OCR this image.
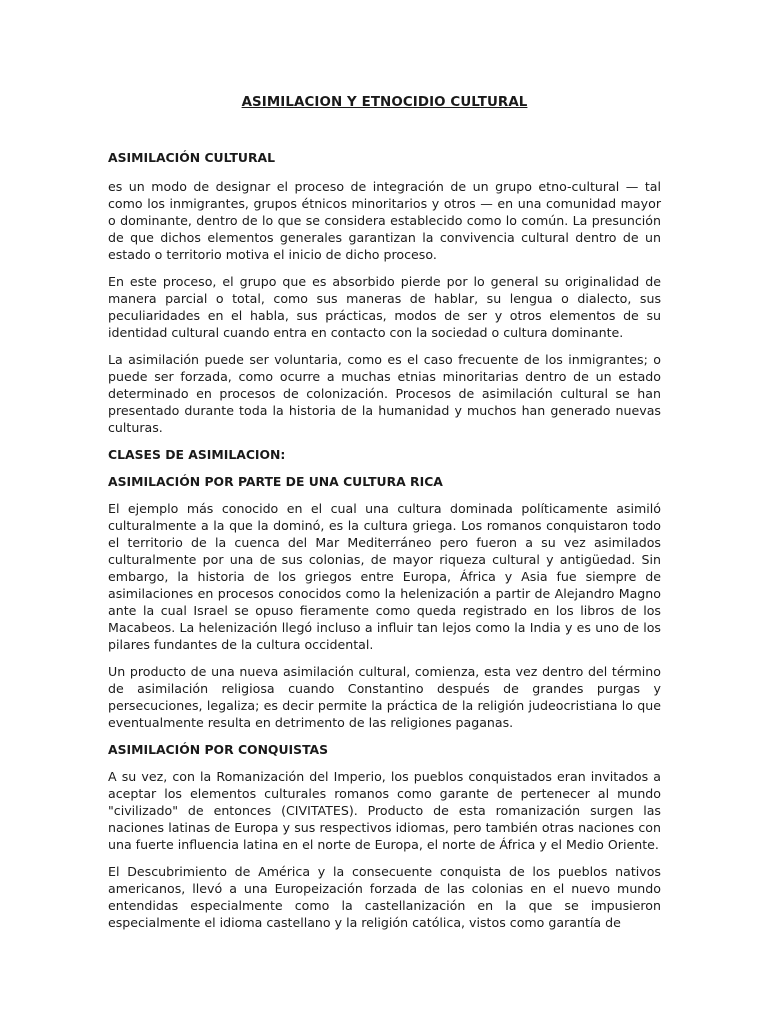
ASIMILACION Y ETNOCIDIO CULTURAL
ASIMILACIÓN CULTURAL

es un modo de designar el proceso de integración de un grupo etno-cultural — tal como los inmigrantes, grupos étnicos minoritarios y otros — en una comunidad mayor o dominante, dentro de lo que se considera establecido como lo común. La presunción de que dichos elementos generales garantizan la convivencia cultural dentro de un estado o territorio motiva el inicio de dicho proceso.

En este proceso, el grupo que es absorbido pierde por lo general su originalidad de manera parcial o total, como sus maneras de hablar, su lengua o dialecto, sus peculiaridades en el habla, sus prácticas, modos de ser y otros elementos de su identidad cultural cuando entra en contacto con la sociedad o cultura dominante.

La asimilación puede ser voluntaria, como es el caso frecuente de los inmigrantes; o puede ser forzada, como ocurre a muchas etnias minoritarias dentro de un estado determinado en procesos de colonización. Procesos de asimilación cultural se han presentado durante toda la historia de la humanidad y muchos han generado nuevas culturas.

CLASES DE ASIMILACION:
ASIMILACIÓN POR PARTE DE UNA CULTURA RICA

El ejemplo más conocido en el cual una cultura dominada políticamente asimiló culturalmente a la que la dominó, es la cultura griega. Los romanos conquistaron todo el territorio de la cuenca del Mar Mediterráneo pero fueron a su vez asimilados culturalmente por una de sus colonias, de mayor riqueza cultural y antigüedad. Sin embargo, la historia de los griegos entre Europa, África y Asia fue siempre de asimilaciones en procesos conocidos como la helenización a partir de Alejandro Magno ante la cual Israel se opuso fieramente como queda registrado en los libros de los Macabeos. La helenización llegó incluso a influir tan lejos como la India y es uno de los pilares fundantes de la cultura occidental.

Un producto de una nueva asimilación cultural, comienza, esta vez dentro del término de asimilación religiosa cuando Constantino después de grandes purgas y persecuciones, legaliza; es decir permite la práctica de la religión judeocristiana lo que eventualmente resulta en detrimento de las religiones paganas.

ASIMILACIÓN POR CONQUISTAS

A su vez, con la Romanización del Imperio, los pueblos conquistados eran invitados a aceptar los elementos culturales romanos como garante de pertenecer al mundo "civilizado" de entonces (CIVITATES). Producto de esta romanización surgen las naciones latinas de Europa y sus respectivos idiomas, pero también otras naciones con una fuerte influencia latina en el norte de Europa, el norte de África y el Medio Oriente.

El Descubrimiento de América y la consecuente conquista de los pueblos nativos americanos, llevó a una Europeización forzada de las colonias en el nuevo mundo entendidas especialmente como la castellanización en la que se impusieron especialmente el idioma castellano y la religión católica, vistos como garantía de
